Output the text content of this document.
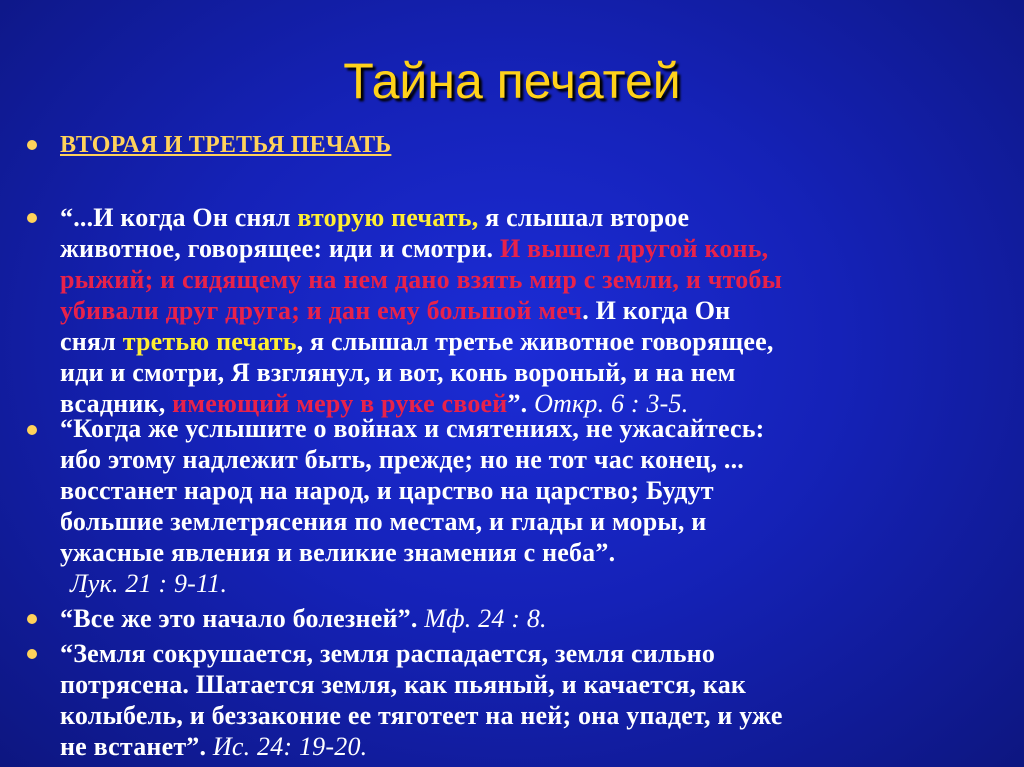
Тайна печатей
ВТОРАЯ И ТРЕТЬЯ ПЕЧАТЬ
“...И когда Он снял вторую печать, я слышал второе
животное, говорящее: иди и смотри. И вышел другой конь,
рыжий; и сидящему на нем дано взять мир с земли, и чтобы
убивали друг друга; и дан ему большой меч. И когда Он
снял третью печать, я слышал третье животное говорящее,
иди и смотри, Я взглянул, и вот, конь вороный, и на нем
всадник, имеющий меру в руке своей”. Откр. 6 : 3-5.
“Когда же услышите о войнах и смятениях, не ужасайтесь:
ибо этому надлежит быть, прежде; но не тот час конец, ...
восстанет народ на народ, и царство на царство; Будут
большие землетрясения по местам, и глады и моры, и
ужасные явления и великие знамения с неба”.
Лук. 21 : 9-11.
“Все же это начало болезней”. Мф. 24 : 8.
“Земля сокрушается, земля распадается, земля сильно
потрясена. Шатается земля, как пьяный, и качается, как
колыбель, и беззаконие ее тяготеет на ней; она упадет, и уже
не встанет”. Ис. 24: 19-20.
